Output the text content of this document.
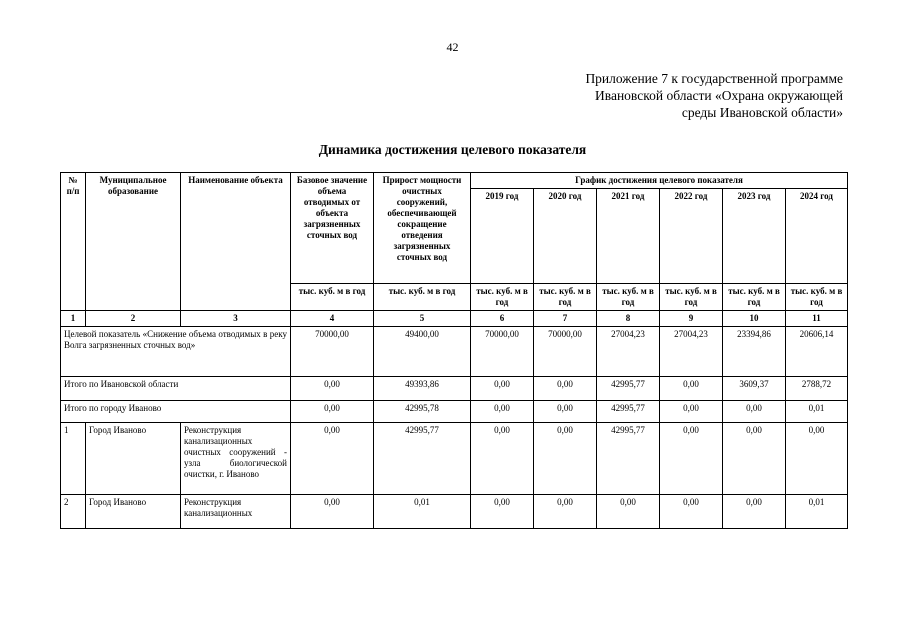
42
Приложение 7 к государственной программе
Ивановской области «Охрана окружающей
среды Ивановской области»
Динамика достижения целевого показателя
№ п/п	Муниципальное образование	Наименование объекта	Базовое значение объема отводимых от объекта загрязненных сточных вод	Прирост мощности очистных сооружений, обеспечивающей сокращение отведения загрязненных сточных вод	График достижения целевого показателя					
					2019 год	2020 год	2021 год	2022 год	2023 год	2024 год
			тыс. куб. м в год	тыс. куб. м в год	тыс. куб. м в год	тыс. куб. м в год	тыс. куб. м в год	тыс. куб. м в год	тыс. куб. м в год	тыс. куб. м в год
1	2	3	4	5	6	7	8	9	10	11
Целевой показатель «Снижение объема отводимых в реку Волга загрязненных сточных вод»			70000,00	49400,00	70000,00	70000,00	27004,23	27004,23	23394,86	20606,14
Итого по Ивановской области			0,00	49393,86	0,00	0,00	42995,77	0,00	3609,37	2788,72
Итого по городу Иваново			0,00	42995,78	0,00	0,00	42995,77	0,00	0,00	0,01
1	Город Иваново	Реконструкция канализационных очистных сооружений - узла биологической очистки, г. Иваново	0,00	42995,77	0,00	0,00	42995,77	0,00	0,00	0,00
2	Город Иваново	Реконструкция канализационных	0,00	0,01	0,00	0,00	0,00	0,00	0,00	0,01
